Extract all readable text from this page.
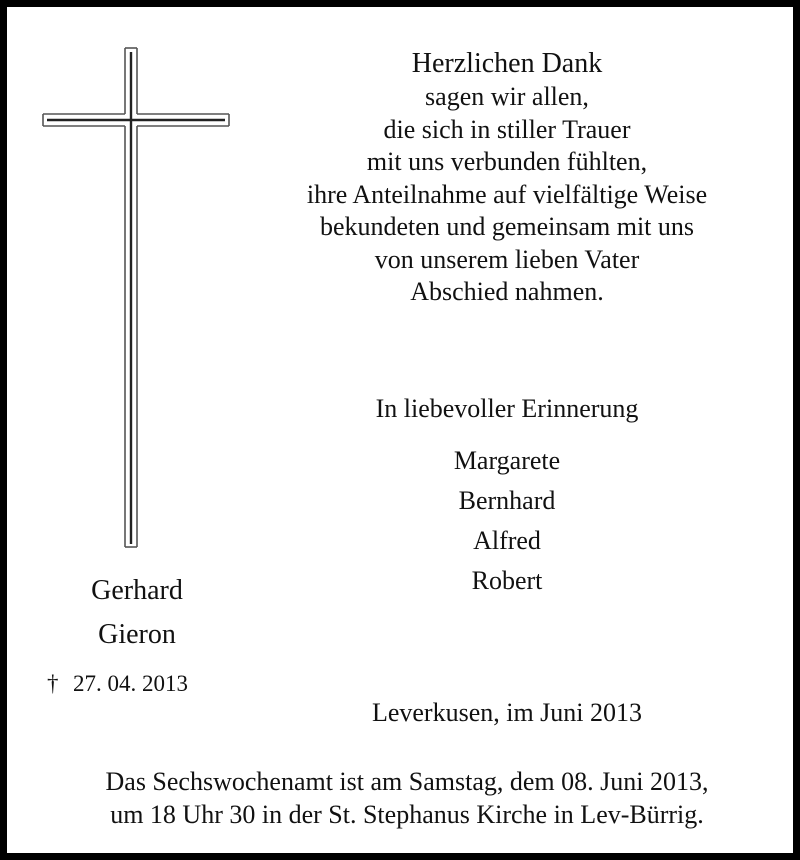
Herzlichen Dank
sagen wir allen,
die sich in stiller Trauer
mit uns verbunden fühlten,
ihre Anteilnahme auf vielfältige Weise
bekundeten und gemeinsam mit uns
von unserem lieben Vater
Abschied nahmen.
In liebevoller Erinnerung
Margarete
Bernhard
Alfred
Robert
Gerhard
Gieron
† 27. 04. 2013
Leverkusen, im Juni 2013
Das Sechswochenamt ist am Samstag, dem 08. Juni 2013,
um 18 Uhr 30 in der St. Stephanus Kirche in Lev-Bürrig.
